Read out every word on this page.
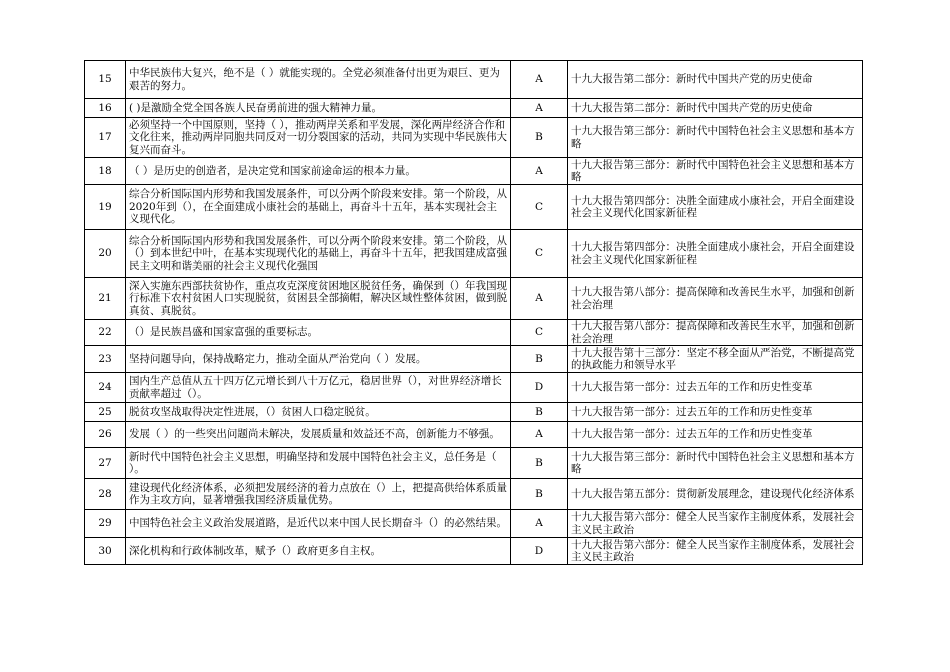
15	中华民族伟大复兴，绝不是（ ）就能实现的。全党必须准备付出更为艰巨、更为艰苦的努力。	A	十九大报告第二部分：新时代中国共产党的历史使命

16	( )是激励全党全国各族人民奋勇前进的强大精神力量。	A	十九大报告第二部分：新时代中国共产党的历史使命

17	必须坚持一个中国原则，坚持（ ），推动两岸关系和平发展，深化两岸经济合作和文化往来，推动两岸同胞共同反对一切分裂国家的活动，共同为实现中华民族伟大复兴而奋斗。	B	十九大报告第三部分：新时代中国特色社会主义思想和基本方略

18	（ ）是历史的创造者，是决定党和国家前途命运的根本力量。	A	十九大报告第三部分：新时代中国特色社会主义思想和基本方略

19	综合分析国际国内形势和我国发展条件，可以分两个阶段来安排。第一个阶段，从2020年到（），在全面建成小康社会的基础上，再奋斗十五年，基本实现社会主义现代化。	C	十九大报告第四部分：决胜全面建成小康社会，开启全面建设社会主义现代化国家新征程

20	综合分析国际国内形势和我国发展条件，可以分两个阶段来安排。第二个阶段，从（）到本世纪中叶，在基本实现现代化的基础上，再奋斗十五年，把我国建成富强民主文明和谐美丽的社会主义现代化强国	C	十九大报告第四部分：决胜全面建成小康社会，开启全面建设社会主义现代化国家新征程

21	深入实施东西部扶贫协作，重点攻克深度贫困地区脱贫任务，确保到（）年我国现行标准下农村贫困人口实现脱贫，贫困县全部摘帽，解决区域性整体贫困，做到脱真贫、真脱贫。	A	十九大报告第八部分：提高保障和改善民生水平，加强和创新社会治理

22	（）是民族昌盛和国家富强的重要标志。	C	十九大报告第八部分：提高保障和改善民生水平，加强和创新社会治理

23	坚持问题导向，保持战略定力，推动全面从严治党向（ ）发展。	B	十九大报告第十三部分：坚定不移全面从严治党，不断提高党的执政能力和领导水平

24	国内生产总值从五十四万亿元增长到八十万亿元，稳居世界（），对世界经济增长贡献率超过（）。	D	十九大报告第一部分：过去五年的工作和历史性变革

25	脱贫攻坚战取得决定性进展，（）贫困人口稳定脱贫。	B	十九大报告第一部分：过去五年的工作和历史性变革

26	发展（ ）的一些突出问题尚未解决，发展质量和效益还不高，创新能力不够强。	A	十九大报告第一部分：过去五年的工作和历史性变革

27	新时代中国特色社会主义思想，明确坚持和发展中国特色社会主义，总任务是（ ）。	B	十九大报告第三部分：新时代中国特色社会主义思想和基本方略

28	建设现代化经济体系，必须把发展经济的着力点放在（）上，把提高供给体系质量作为主攻方向，显著增强我国经济质量优势。	B	十九大报告第五部分：贯彻新发展理念，建设现代化经济体系

29	中国特色社会主义政治发展道路，是近代以来中国人民长期奋斗（）的必然结果。	A	十九大报告第六部分：健全人民当家作主制度体系，发展社会主义民主政治

30	深化机构和行政体制改革，赋予（）政府更多自主权。	D	十九大报告第六部分：健全人民当家作主制度体系，发展社会主义民主政治
